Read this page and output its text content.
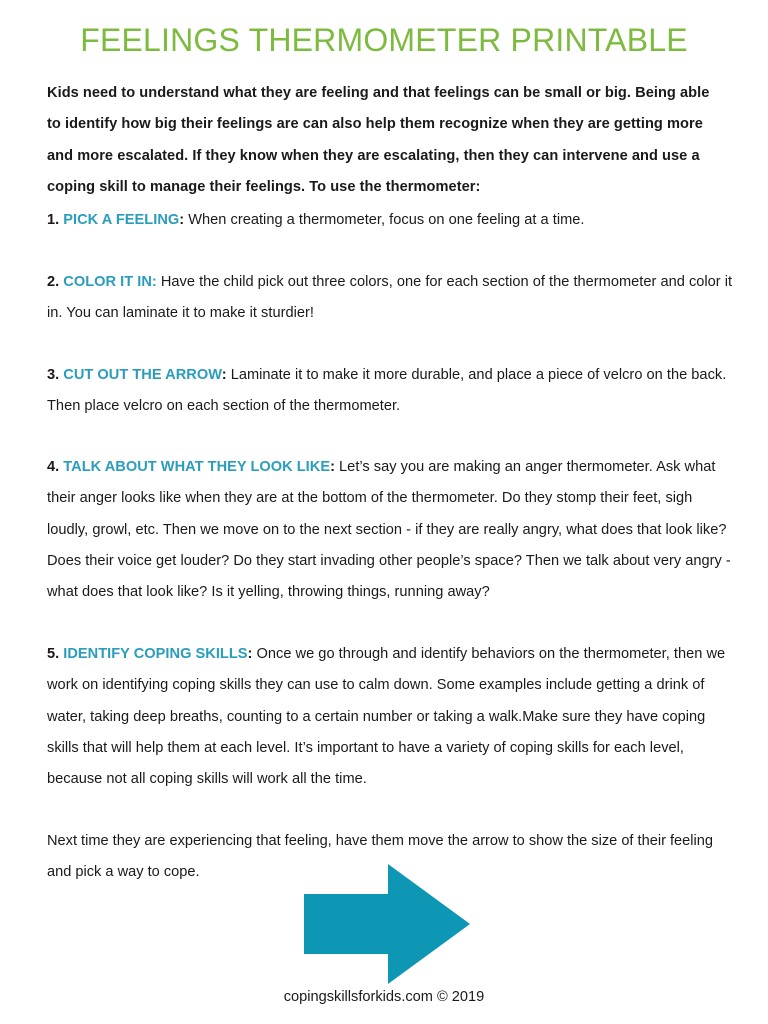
FEELINGS THERMOMETER PRINTABLE

Kids need to understand what they are feeling and that feelings can be small or big. Being able to identify how big their feelings are can also help them recognize when they are getting more and more escalated. If they know when they are escalating, then they can intervene and use a coping skill to manage their feelings. To use the thermometer:

1. PICK A FEELING: When creating a thermometer, focus on one feeling at a time.

2. COLOR IT IN: Have the child pick out three colors, one for each section of the thermometer and color it in. You can laminate it to make it sturdier!

3. CUT OUT THE ARROW: Laminate it to make it more durable, and place a piece of velcro on the back. Then place velcro on each section of the thermometer.

4. TALK ABOUT WHAT THEY LOOK LIKE: Let’s say you are making an anger thermometer. Ask what their anger looks like when they are at the bottom of the thermometer. Do they stomp their feet, sigh loudly, growl, etc. Then we move on to the next section - if they are really angry, what does that look like? Does their voice get louder? Do they start invading other people’s space? Then we talk about very angry - what does that look like? Is it yelling, throwing things, running away?

5. IDENTIFY COPING SKILLS: Once we go through and identify behaviors on the thermometer, then we work on identifying coping skills they can use to calm down. Some examples include getting a drink of water, taking deep breaths, counting to a certain number or taking a walk.Make sure they have coping skills that will help them at each level. It’s important to have a variety of coping skills for each level, because not all coping skills will work all the time.

Next time they are experiencing that feeling, have them move the arrow to show the size of their feeling and pick a way to cope.

copingskillsforkids.com © 2019
